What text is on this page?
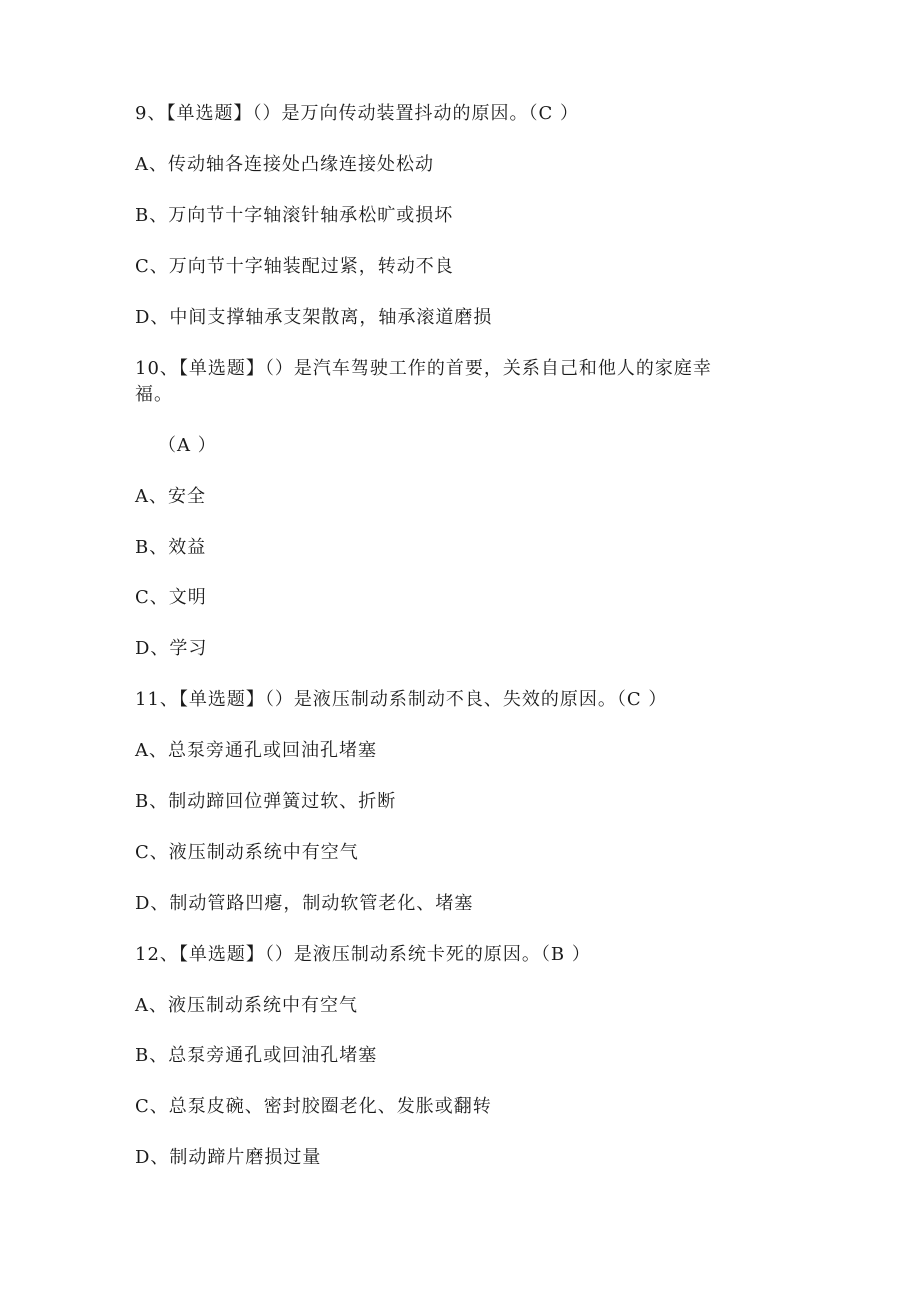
9、【单选题】（）是万向传动装置抖动的原因。（C ）
A、传动轴各连接处凸缘连接处松动
B、万向节十字轴滚针轴承松旷或损坏
C、万向节十字轴装配过紧，转动不良
D、中间支撑轴承支架散离，轴承滚道磨损
10、【单选题】（）是汽车驾驶工作的首要，关系自己和他人的家庭幸
福。
（A ）
A、安全
B、效益
C、文明
D、学习
11、【单选题】（）是液压制动系制动不良、失效的原因。（C ）
A、总泵旁通孔或回油孔堵塞
B、制动蹄回位弹簧过软、折断
C、液压制动系统中有空气
D、制动管路凹瘪，制动软管老化、堵塞
12、【单选题】（）是液压制动系统卡死的原因。（B ）
A、液压制动系统中有空气
B、总泵旁通孔或回油孔堵塞
C、总泵皮碗、密封胶圈老化、发胀或翻转
D、制动蹄片磨损过量
